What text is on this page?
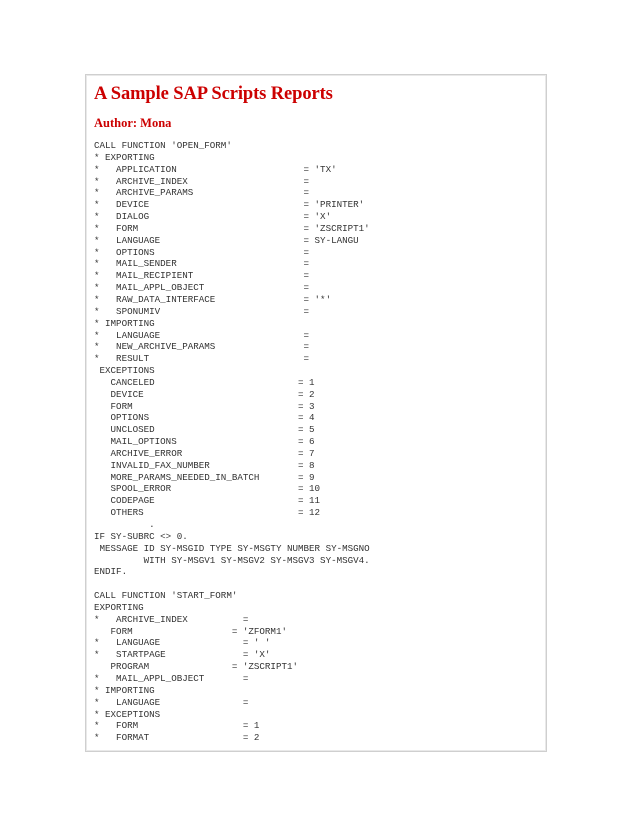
A Sample SAP Scripts Reports
Author: Mona
CALL FUNCTION 'OPEN_FORM'
* EXPORTING
*   APPLICATION                       = 'TX'
*   ARCHIVE_INDEX                     =
*   ARCHIVE_PARAMS                    =
*   DEVICE                            = 'PRINTER'
*   DIALOG                            = 'X'
*   FORM                              = 'ZSCRIPT1'
*   LANGUAGE                          = SY-LANGU
*   OPTIONS                           =
*   MAIL_SENDER                       =
*   MAIL_RECIPIENT                    =
*   MAIL_APPL_OBJECT                  =
*   RAW_DATA_INTERFACE                = '*'
*   SPONUMIV                          =
* IMPORTING
*   LANGUAGE                          =
*   NEW_ARCHIVE_PARAMS                =
*   RESULT                            =
EXCEPTIONS
CANCELED                          = 1
DEVICE                            = 2
FORM                              = 3
OPTIONS                           = 4
UNCLOSED                          = 5
MAIL_OPTIONS                      = 6
ARCHIVE_ERROR                     = 7
INVALID_FAX_NUMBER                = 8
MORE_PARAMS_NEEDED_IN_BATCH       = 9
SPOOL_ERROR                       = 10
CODEPAGE                          = 11
OTHERS                            = 12
.
IF SY-SUBRC <> 0.
MESSAGE ID SY-MSGID TYPE SY-MSGTY NUMBER SY-MSGNO
WITH SY-MSGV1 SY-MSGV2 SY-MSGV3 SY-MSGV4.
ENDIF.
CALL FUNCTION 'START_FORM'
EXPORTING
*   ARCHIVE_INDEX          =
FORM                  = 'ZFORM1'
*   LANGUAGE               = ' '
*   STARTPAGE              = 'X'
PROGRAM               = 'ZSCRIPT1'
*   MAIL_APPL_OBJECT       =
* IMPORTING
*   LANGUAGE               =
* EXCEPTIONS
*   FORM                   = 1
*   FORMAT                 = 2
